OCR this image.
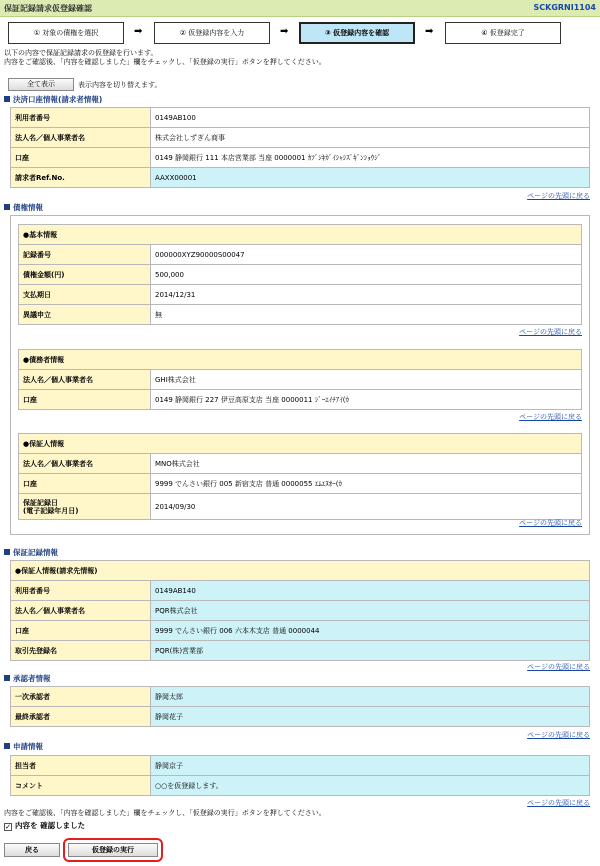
保証記録請求仮登録確認	SCKGRNI1104
① 対象の債権を選択	➡	② 仮登録内容を入力	➡	③ 仮登録内容を確認	➡	④ 仮登録完了
以下の内容で保証記録請求の仮登録を行います。
内容をご確認後、「内容を確認しました」欄をチェックし、「仮登録の実行」ボタンを押してください。
全て表示	表示内容を切り替えます。
決済口座情報(請求者情報)
利用者番号	0149AB100
法人名／個人事業者名	株式会社しずぎん商事
口座	0149 静岡銀行 111 本店営業部 当座 0000001 ｶﾌﾞｼｷｶﾞｲｼｬｼｽﾞｷﾞﾝｼｮｳｼﾞ
請求者Ref.No.	AAXX00001
ページの先頭に戻る
債権情報
●基本情報	
記録番号	000000XYZ90000S00047
債権金額(円)	500,000
支払期日	2014/12/31
異議申立	無
ページの先頭に戻る
●債務者情報	
法人名／個人事業者名	GHI株式会社
口座	0149 静岡銀行 227 伊豆高原支店 当座 0000011 ｼﾞｰｴｲﾁｱｲ(ｶ
ページの先頭に戻る
●保証人情報	
法人名／個人事業者名	MNO株式会社
口座	9999 でんさい銀行 005 新宿支店 普通 0000055 ｴﾑｴﾇｵｰ(ｶ
保証記録日
(電子記録年月日)	2014/09/30
ページの先頭に戻る
保証記録情報
●保証人情報(請求先情報)	
利用者番号	0149AB140
法人名／個人事業者名	PQR株式会社
口座	9999 でんさい銀行 006 六本木支店 普通 0000044
取引先登録名	PQR(株)営業部
ページの先頭に戻る
承認者情報
一次承認者	静岡太郎
最終承認者	静岡花子
ページの先頭に戻る
申請情報
担当者	静岡京子
コメント	○○を仮登録します。
ページの先頭に戻る
内容をご確認後、「内容を確認しました」欄をチェックし、「仮登録の実行」ボタンを押してください。
✓ 内容を 確認しました
戻る	仮登録の実行
